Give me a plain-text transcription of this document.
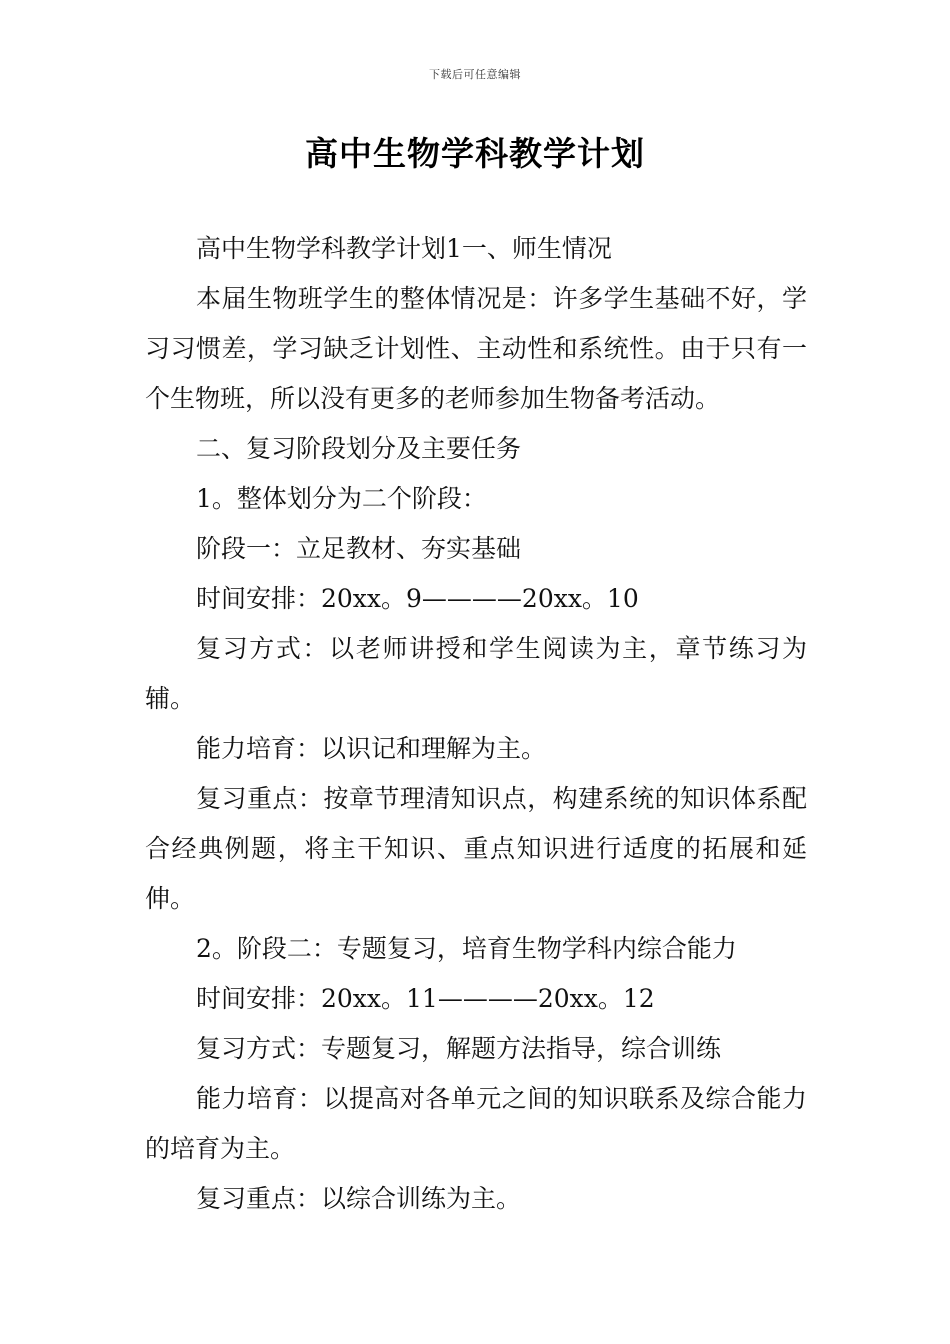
下载后可任意编辑
高中生物学科教学计划

高中生物学科教学计划1一、师生情况

本届生物班学生的整体情况是：许多学生基础不好，学习习惯差，学习缺乏计划性、主动性和系统性。由于只有一个生物班，所以没有更多的老师参加生物备考活动。

二、复习阶段划分及主要任务

1。整体划分为二个阶段：

阶段一：立足教材、夯实基础

时间安排：20xx。9————20xx。10

复习方式：以老师讲授和学生阅读为主，章节练习为辅。

能力培育：以识记和理解为主。

复习重点：按章节理清知识点，构建系统的知识体系配合经典例题，将主干知识、重点知识进行适度的拓展和延伸。

2。阶段二：专题复习，培育生物学科内综合能力

时间安排：20xx。11————20xx。12

复习方式：专题复习，解题方法指导，综合训练

能力培育：以提高对各单元之间的知识联系及综合能力的培育为主。

复习重点：以综合训练为主。
